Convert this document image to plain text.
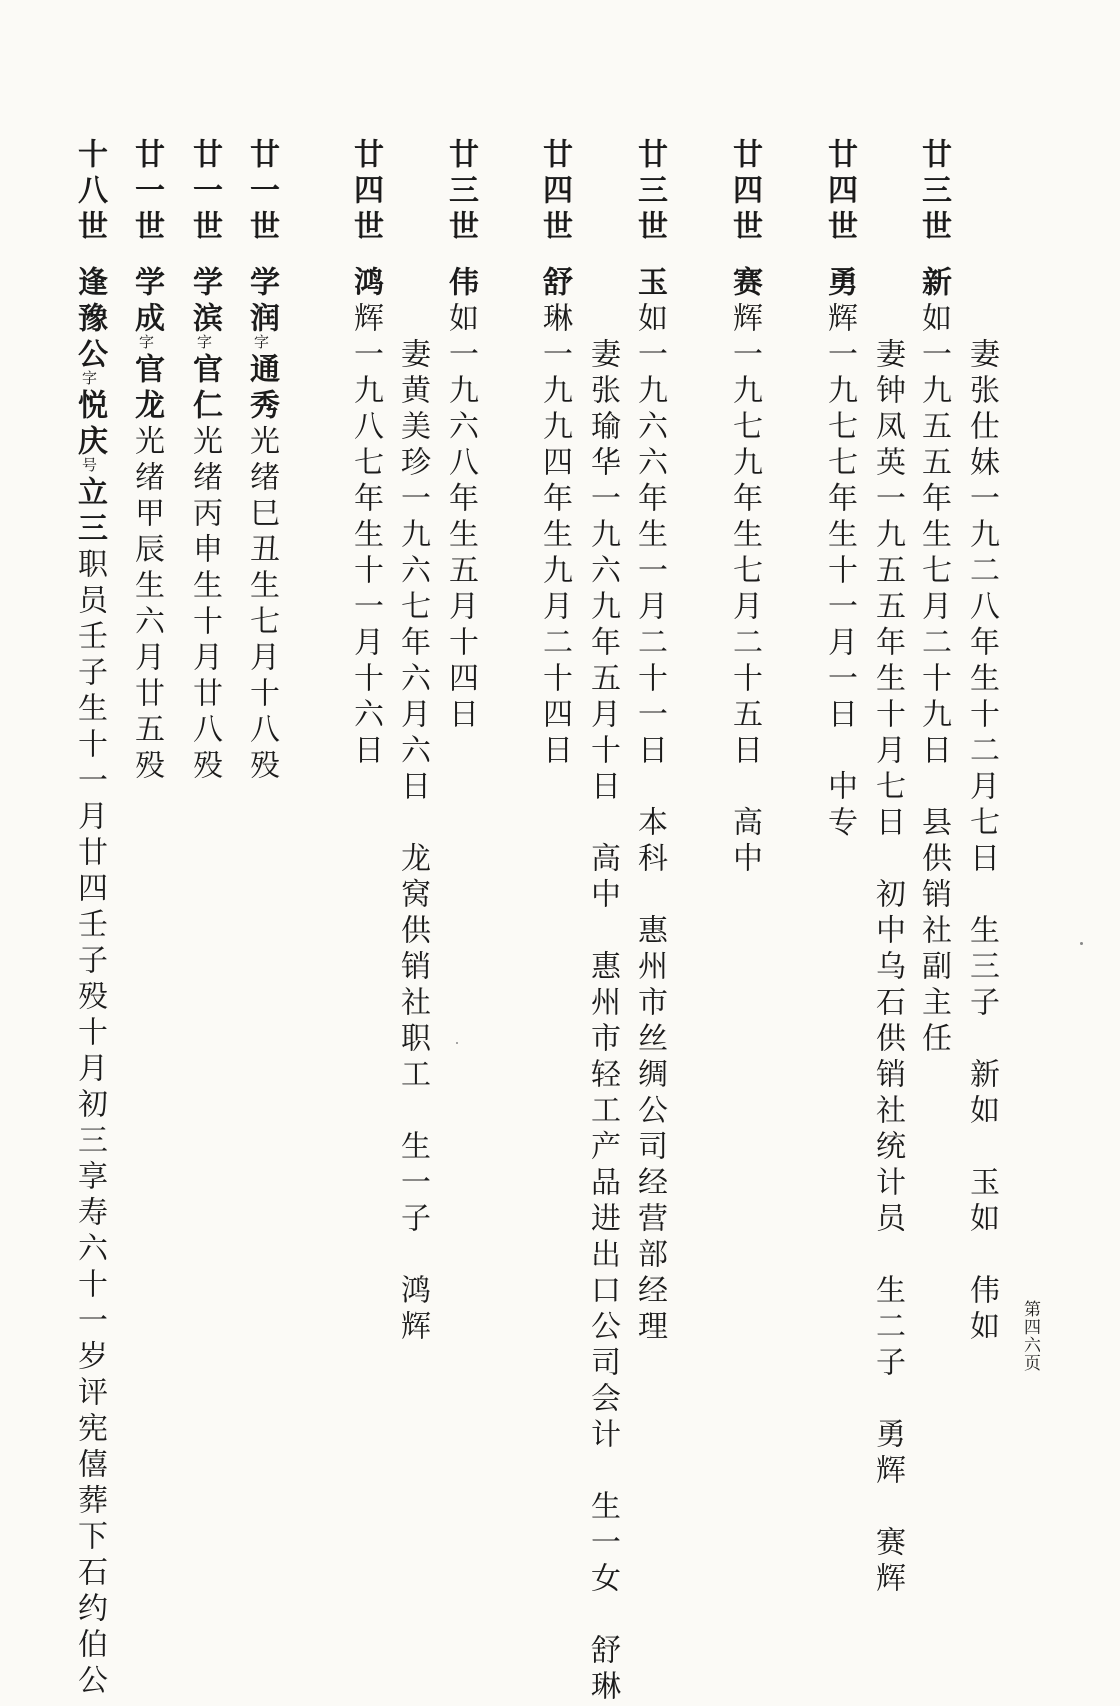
妻张仕妹一九二八年生十二月七日　生三子　新如　玉如　伟如
廿三世新如一九五五年生七月二十九日　县供销社副主任
妻钟凤英一九五五年生十月七日　初中乌石供销社统计员　生二子　勇辉　赛辉
廿四世勇辉一九七七年生十一月一日　中专
廿四世赛辉一九七九年生七月二十五日　高中
廿三世玉如一九六六年生一月二十一日　本科　惠州市丝绸公司经营部经理
妻张瑜华一九六九年五月十日　高中　惠州市轻工产品进出口公司会计　生一女　舒琳
廿四世舒琳一九九四年生九月二十四日
廿三世伟如一九六八年生五月十四日
妻黄美珍一九六七年六月六日　龙窝供销社职工　生一子　鸿辉
廿四世鸿辉一九八七年生十一月十六日
廿一世学润字通秀光绪巳丑生七月十八殁
廿一世学滨字官仁光绪丙申生十月廿八殁
廿一世学成字官龙光绪甲辰生六月廿五殁
十八世逢豫公字悦庆号立三职员壬子生十一月廿四壬子殁十月初三享寿六十一岁评宪僖葬下石约伯公	第四六页
